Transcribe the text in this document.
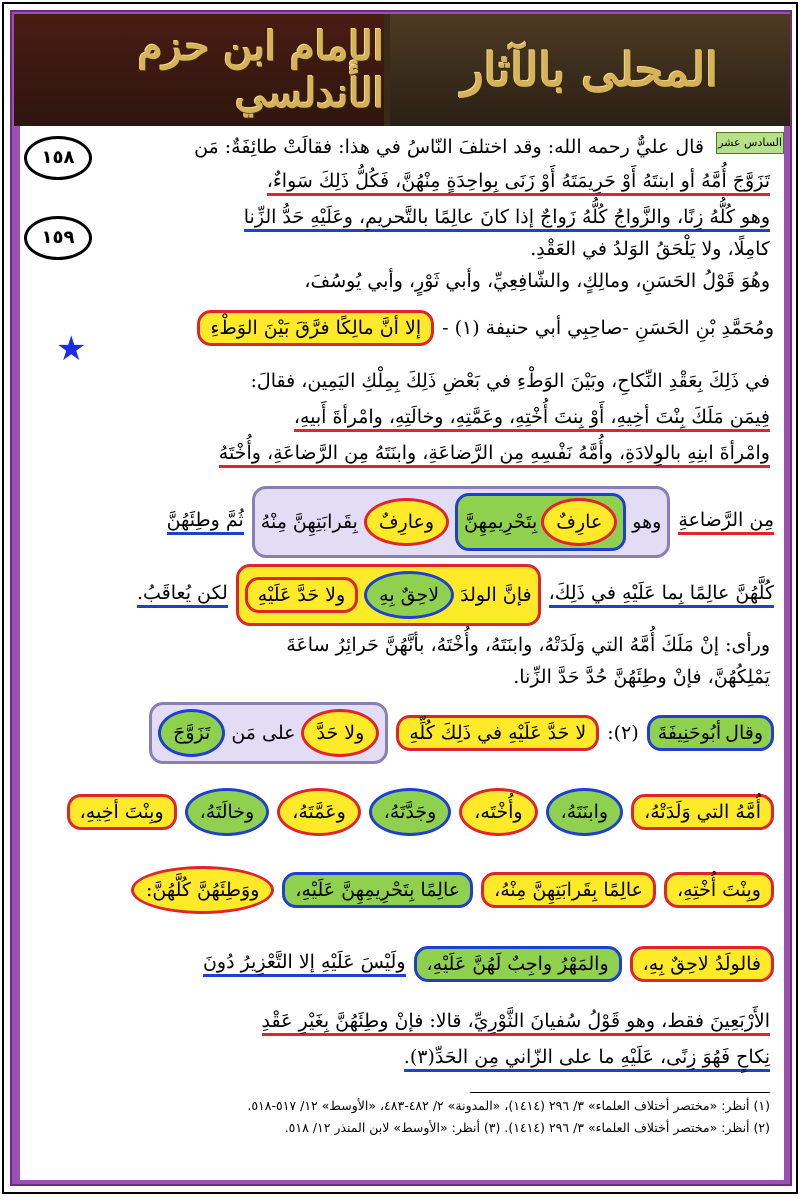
الإمام ابن حزم الأندلسي المحلى بالآثار
السادس عشر
١٥٨
١٥٩
★
قال عليٌّ رحمه الله: وقد اختلفَ النّاسُ في هذا: فقالَتْ طائِفَةٌ: مَن
تَزَوَّجَ أُمَّهُ أو ابنتَهُ أَوْ حَرِيمَتَهُ أَوْ زَنَى بِواحِدَةٍ مِنْهُنَّ، فَكُلُّ ذَلِكَ سَواءٌ،
وهو كُلُّهُ زِنًا، والزَّواجُ كُلُّهُ زَواجٌ إذا كانَ عالِمًا بالتَّحريمِ، وعَلَيْهِ حَدُّ الزِّنا
كامِلًا، ولا يَلْحَقُ الوَلدُ في العَقْدِ.
وهُوَ قَوْلُ الحَسَنِ، ومالِكٍ، والشّافِعِيِّ، وأبي ثَوْرٍ، وأبي يُوسُفَ،
ومُحَمَّدِ بْنِ الحَسَنِ -صاحِبِي أبي حنيفة (١) -
إلا أنَّ مالِكًا فرَّقَ بَيْنَ الوَطْءِ
في ذَلِكَ بِعَقْدِ النِّكاحِ، وبَيْنَ الوَطْءِ في بَعْضِ ذَلِكَ بِمِلْكِ اليَمِين، فقالَ:
فِيمَن مَلَكَ بِنْتَ أخِيهِ، أَوْ بِنتَ أُخْتِهِ، وعَمَّتِهِ، وخالَتِهِ، وامْرأةَ أَبيهِ،
وامْرأةَ ابنِهِ بالوِلادَةِ، وأُمَّهُ نَفْسِهِ مِن الرَّضاعَةِ، وابنَتَهُ مِن الرَّضاعَةِ، وأُخْتَهُ
مِن الرَّضاعةِ
وهو
عارِفٌ
بِتَحْرِيمِهِنَّ
وعارِفٌ
بِقَرابَتِهِنَّ مِنْهُ
ثُمَّ وطِئَهُنَّ
كُلَّهُنَّ عالِمًا بِما عَلَيْهِ في ذَلِكَ،
فإنَّ الولدَ
لاحِقٌ بِهِ
ولا حَدَّ عَلَيْهِ
لكن يُعاقَبُ.
ورأى: إنْ مَلَكَ أُمَّهُ التي وَلَدَتْهُ، وابنَتَهُ، وأُخْتَهُ، بأنَّهُنَّ حَرائِرُ ساعَةَ
يَمْلِكُهُنَّ، فإنْ وطِئَهُنَّ حُدَّ حَدَّ الزِّنا.
وقال
أبُوحَنِيفَةَ
(٢):
لا حَدَّ عَلَيْهِ في ذَلِكَ كُلِّهِ
ولا حَدَّ
على مَن
تَزَوَّجَ
أُمَّهُ التي وَلَدَتْهُ،
وابنَتَهُ،
وأُخْتَه،
وجَدَّتَهُ،
وعَمَّتَهُ،
وخالَتَهُ،
وبِنْتَ أخِيهِ،
وبِنْتَ أُخْتِهِ،
عالِمًا بِقَرابَتِهِنَّ مِنْهُ،
عالِمًا بِتَحْرِيمِهِنَّ عَلَيْهِ،
ووَطِئَهُنَّ كُلَّهُنَّ:
فالولَدُ لاحِقٌ بِهِ،
والمَهْرُ واجِبٌ لَهُنَّ عَلَيْهِ،
ولَيْسَ عَلَيْهِ إلا التَّعْزِيرُ دُونَ
الأَرْبَعِينَ فقط، وهو قَوْلُ سُفيانَ الثَّوْرِيِّ، قالا: فإنْ وطِئَهُنَّ بِغَيْرِ عَقْدِ
نِكاحٍ فَهُوَ زِنًى، عَلَيْهِ ما على الزّاني مِن الحَدِّ(٣).
(١) أنظر: «مختصر أختلاف العلماء» ٣/ ٢٩٦ (١٤١٤)، «المدونة» ٢/ ٤٨٢-٤٨٣، «الأوسط» ١٢/ ٥١٧-٥١٨.
(٢) أنظر: «مختصر أختلاف العلماء» ٣/ ٢٩٦ (١٤١٤). (٣) أنظر: «الأوسط» لابن المنذر ١٢/ ٥١٨.
